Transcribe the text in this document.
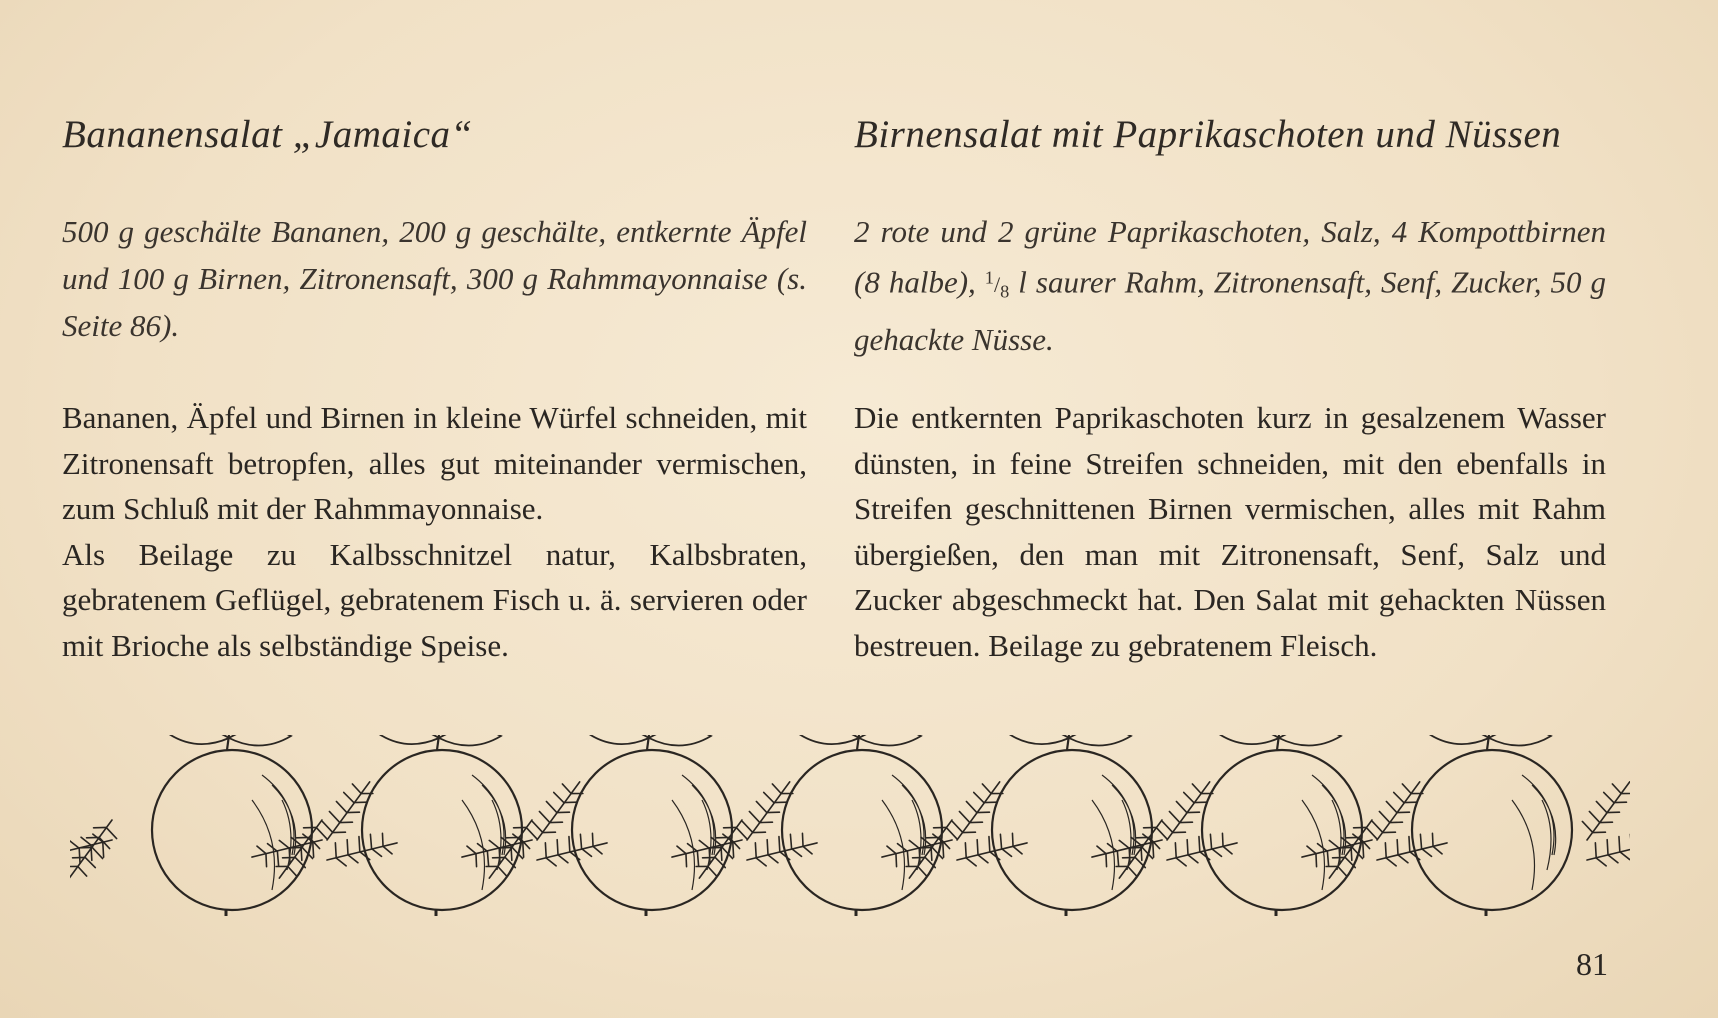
Bananensalat „Jamaica“
500 g geschälte Bananen, 200 g geschälte, entkernte Äpfel und 100 g Birnen, Zitronensaft, 300 g Rahmmayonnaise (s. Seite 86).

Bananen, Äpfel und Birnen in kleine Würfel schneiden, mit Zitronensaft betropfen, alles gut miteinander vermischen, zum Schluß mit der Rahmmayonnaise.

Als Beilage zu Kalbsschnitzel natur, Kalbsbraten, gebratenem Geflügel, gebratenem Fisch u. ä. servieren oder mit Brioche als selbständige Speise.

Birnensalat mit Paprikaschoten und Nüssen
2 rote und 2 grüne Paprikaschoten, Salz, 4 Kompottbirnen (8 halbe), $^1/_8$ l saurer Rahm, Zitronensaft, Senf, Zucker, 50 g gehackte Nüsse.

Die entkernten Paprikaschoten kurz in gesalzenem Wasser dünsten, in feine Streifen schneiden, mit den ebenfalls in Streifen geschnittenen Birnen vermischen, alles mit Rahm übergießen, den man mit Zitronensaft, Senf, Salz und Zucker abgeschmeckt hat. Den Salat mit gehackten Nüssen bestreuen. Beilage zu gebratenem Fleisch.

81
